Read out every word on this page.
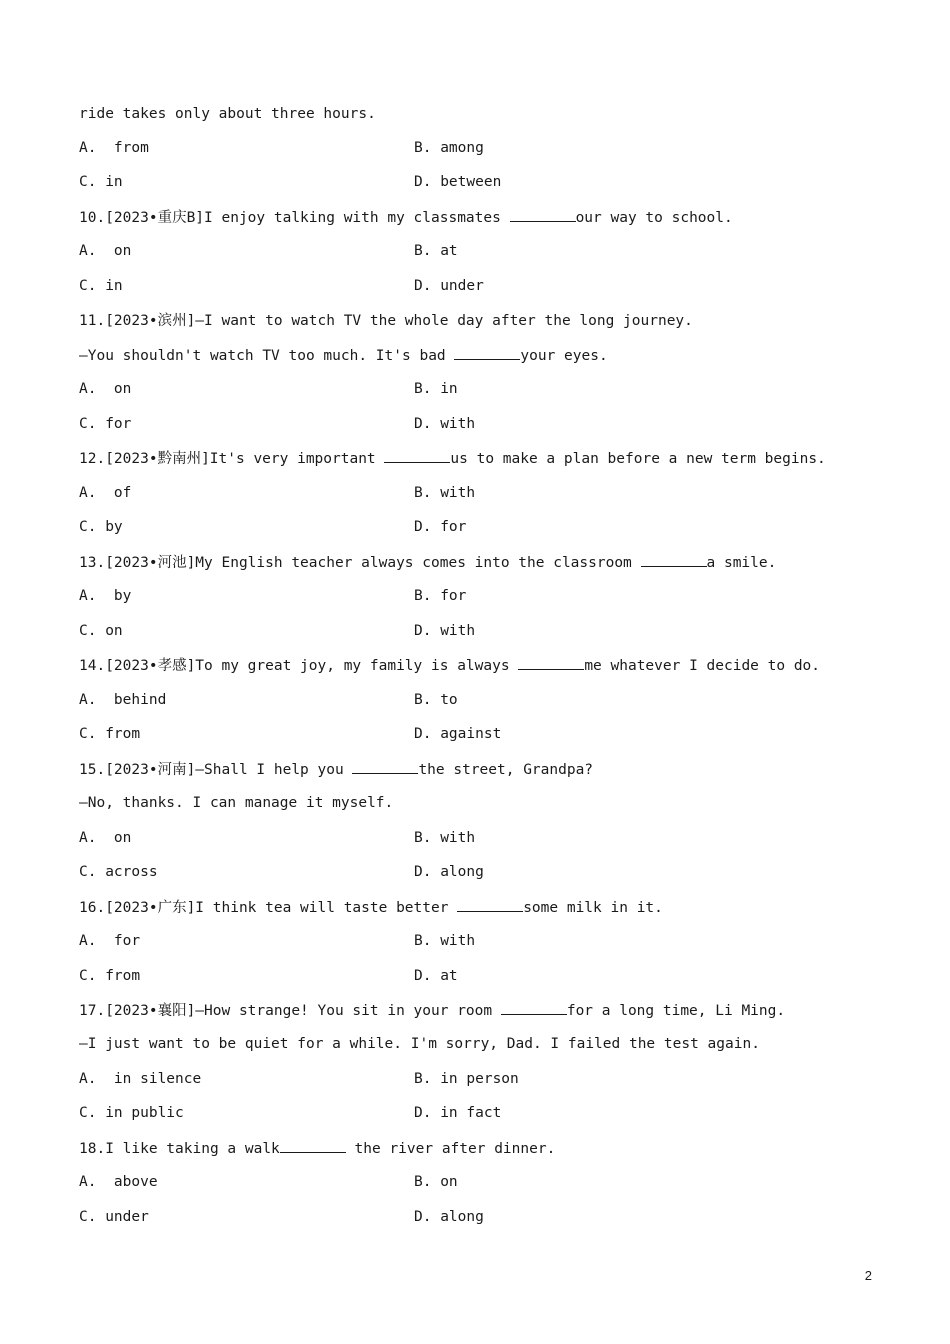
ride takes only about three hours.
A.  from	B. among
C. in	D. between
10.[2023•重庆B]I enjoy talking with my classmates	our way to school.
A.  on	B. at
C. in	D. under
11.[2023•滨州]—I want to watch TV the whole day after the long journey.
—You shouldn't watch TV too much. It's bad	your eyes.
A.  on	B. in
C. for	D. with
12.[2023•黔南州]It's very important	us to make a plan before a new term begins.
A.  of	B. with
C. by	D. for
13.[2023•河池]My English teacher always comes into the classroom	a smile.
A.  by	B. for
C. on	D. with
14.[2023•孝感]To my great joy, my family is always	me whatever I decide to do.
A.  behind	B. to
C. from	D. against
15.[2023•河南]—Shall I help you	the street, Grandpa?
—No, thanks. I can manage it myself.
A.  on	B. with
C. across	D. along
16.[2023•广东]I think tea will taste better	some milk in it.
A.  for	B. with
C. from	D. at
17.[2023•襄阳]—How strange! You sit in your room	for a long time, Li Ming.
—I just want to be quiet for a while. I'm sorry, Dad. I failed the test again.
A.  in silence	B. in person
C. in public	D. in fact
18.I like taking a walk	the river after dinner.
A.  above	B. on
C. under	D. along
2
